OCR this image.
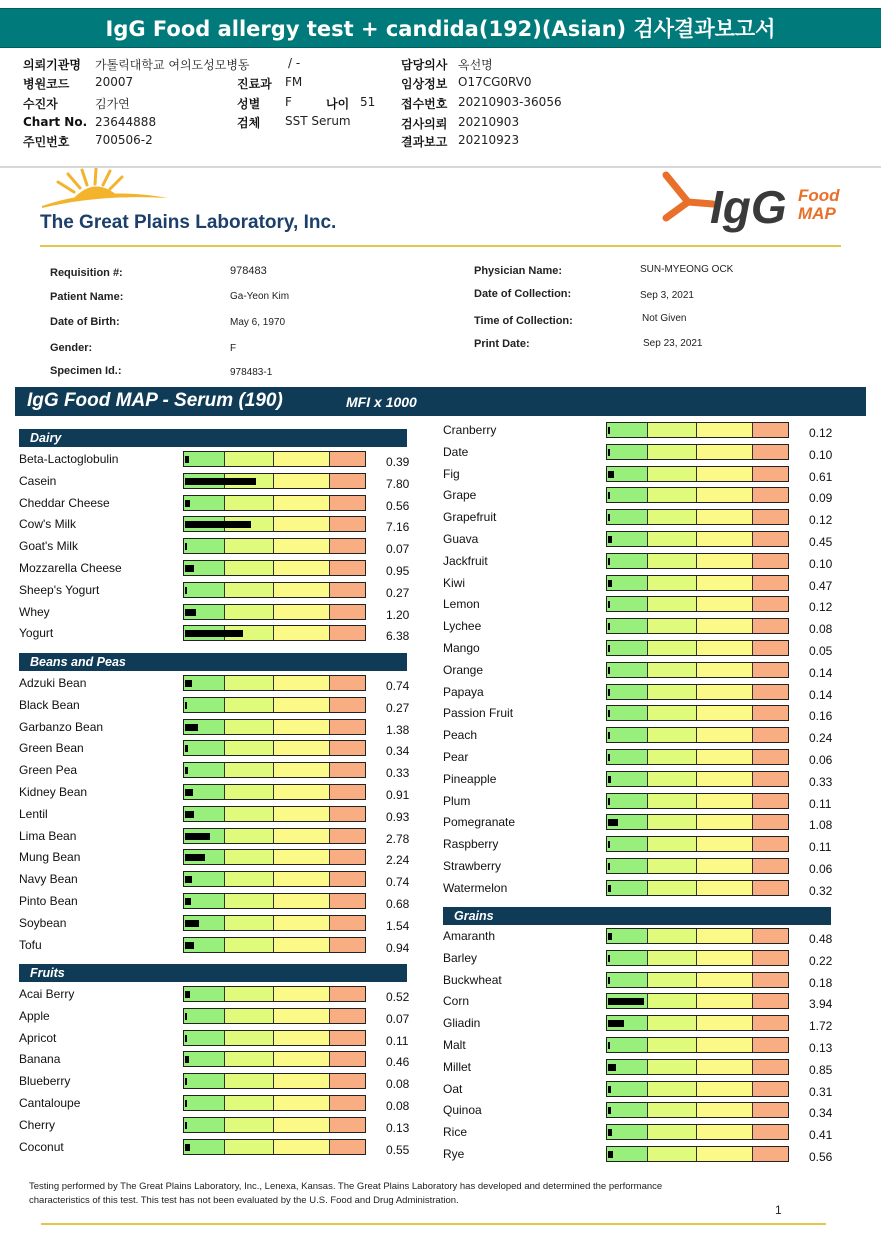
IgG Food allergy test + candida(192)(Asian) 검사결과보고서
의뢰기관명 가톨릭대학교 여의도성모병동	/ -
병원코드 20007
수진자	김가연
Chart No. 23644888
주민번호 700506-2
진료과 FM
성별 F	나이 51
검체 SST Serum
담당의사 옥선명
임상정보 O17CG0RV0
접수번호 20210903-36056
검사의뢰 20210903
결과보고 20210923
The Great Plains Laboratory, Inc.	IgG Food
MAP
Requisition #:	978483
Patient Name:	Ga-Yeon Kim
Date of Birth:	May 6, 1970
Gender:	F
Specimen Id.:	978483-1
Physician Name:	SUN-MYEONG OCK
Date of Collection:	Sep 3, 2021
Time of Collection:	Not Given
Print Date:	Sep 23, 2021
IgG Food MAP - Serum (190)	MFI x 1000
Dairy
Beta-Lactoglobulin	0.39
Casein	7.80
Cheddar Cheese	0.56
Cow's Milk	7.16
Goat's Milk	0.07
Mozzarella Cheese	0.95
Sheep's Yogurt	0.27
Whey	1.20
Yogurt	6.38
Beans and Peas
Adzuki Bean	0.74
Black Bean	0.27
Garbanzo Bean	1.38
Green Bean	0.34
Green Pea	0.33
Kidney Bean	0.91
Lentil	0.93
Lima Bean	2.78
Mung Bean	2.24
Navy Bean	0.74
Pinto Bean	0.68
Soybean	1.54
Tofu	0.94
Fruits
Acai Berry	0.52
Apple	0.07
Apricot	0.11
Banana	0.46
Blueberry	0.08
Cantaloupe	0.08
Cherry	0.13
Coconut	0.55
Cranberry	0.12
Date	0.10
Fig	0.61
Grape	0.09
Grapefruit	0.12
Guava	0.45
Jackfruit	0.10
Kiwi	0.47
Lemon	0.12
Lychee	0.08
Mango	0.05
Orange	0.14
Papaya	0.14
Passion Fruit	0.16
Peach	0.24
Pear	0.06
Pineapple	0.33
Plum	0.11
Pomegranate	1.08
Raspberry	0.11
Strawberry	0.06
Watermelon	0.32
Grains
Amaranth	0.48
Barley	0.22
Buckwheat	0.18
Corn	3.94
Gliadin	1.72
Malt	0.13
Millet	0.85
Oat	0.31
Quinoa	0.34
Rice	0.41
Rye	0.56
Testing performed by The Great Plains Laboratory, Inc., Lenexa, Kansas. The Great Plains Laboratory has developed and determined the performance
characteristics of this test. This test has not been evaluated by the U.S. Food and Drug Administration.
1
